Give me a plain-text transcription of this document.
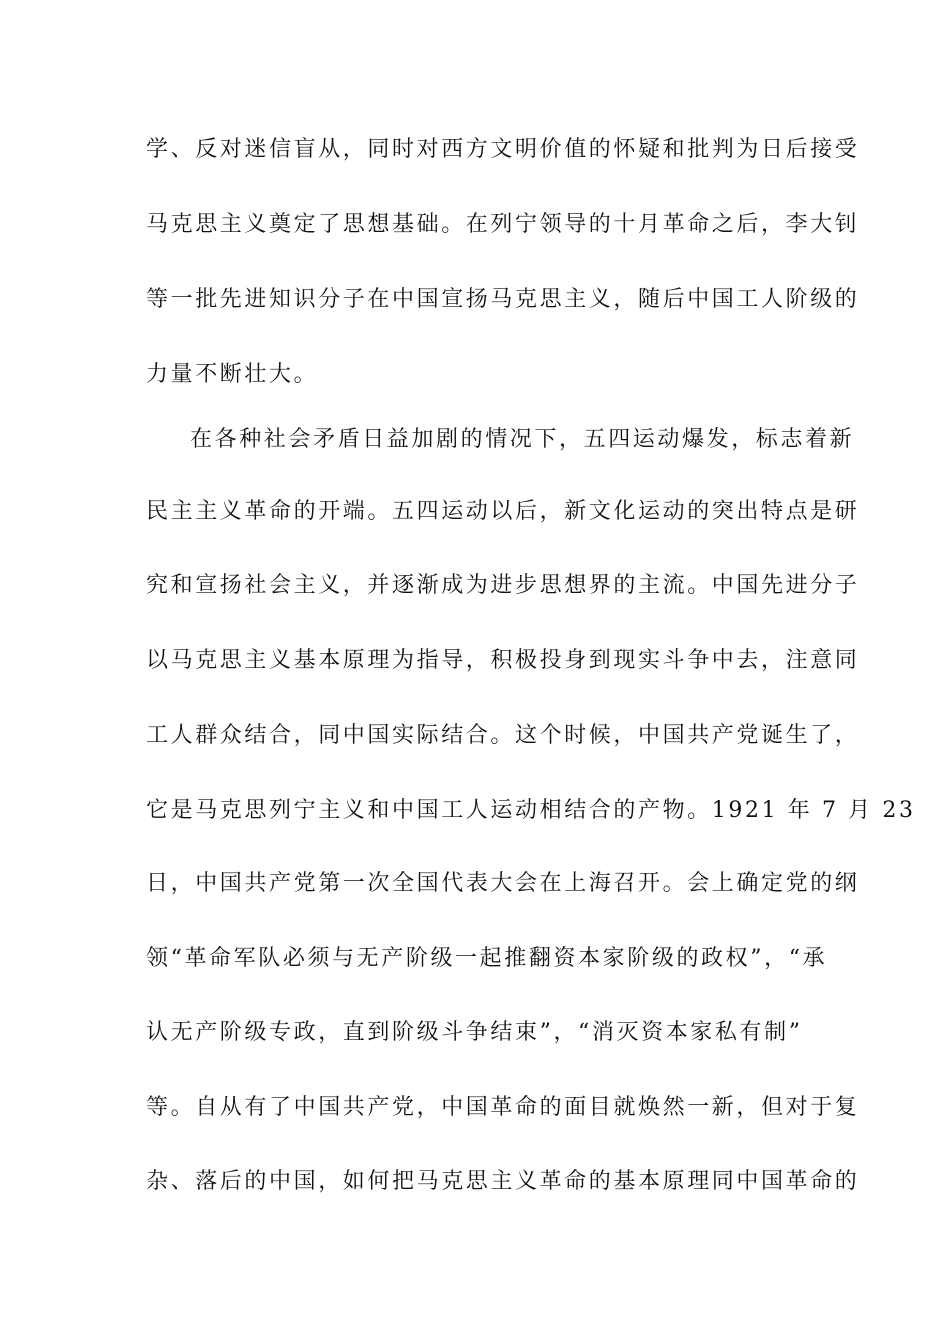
学、反对迷信盲从，同时对西方文明价值的怀疑和批判为日后接受
马克思主义奠定了思想基础。在列宁领导的十月革命之后，李大钊
等一批先进知识分子在中国宣扬马克思主义，随后中国工人阶级的
力量不断壮大。
在各种社会矛盾日益加剧的情况下，五四运动爆发，标志着新
民主主义革命的开端。五四运动以后，新文化运动的突出特点是研
究和宣扬社会主义，并逐渐成为进步思想界的主流。中国先进分子
以马克思主义基本原理为指导，积极投身到现实斗争中去，注意同
工人群众结合，同中国实际结合。这个时候，中国共产党诞生了，
它是马克思列宁主义和中国工人运动相结合的产物。1921 年 7 月 23
日，中国共产党第一次全国代表大会在上海召开。会上确定党的纲
领“革命军队必须与无产阶级一起推翻资本家阶级的政权”，“承
认无产阶级专政，直到阶级斗争结束”，“消灭资本家私有制”
等。自从有了中国共产党，中国革命的面目就焕然一新，但对于复
杂、落后的中国，如何把马克思主义革命的基本原理同中国革命的
